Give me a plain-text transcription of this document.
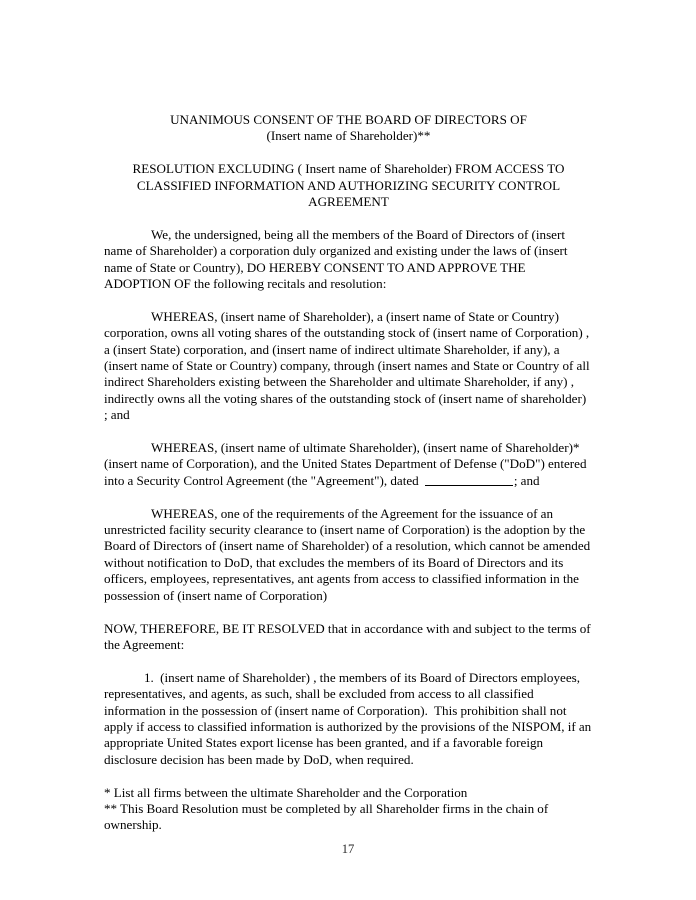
UNANIMOUS CONSENT OF THE BOARD OF DIRECTORS OF
(Insert name of Shareholder)**
RESOLUTION EXCLUDING ( Insert name of Shareholder) FROM ACCESS TO
CLASSIFIED INFORMATION AND AUTHORIZING SECURITY CONTROL
AGREEMENT
We, the undersigned, being all the members of the Board of Directors of (insert name of Shareholder) a corporation duly organized and existing under the laws of (insert name of State or Country), DO HEREBY CONSENT TO AND APPROVE THE ADOPTION OF the following recitals and resolution:
WHEREAS, (insert name of Shareholder), a (insert name of State or Country) corporation, owns all voting shares of the outstanding stock of (insert name of Corporation) , a (insert State) corporation, and (insert name of indirect ultimate Shareholder, if any), a (insert name of State or Country) company, through (insert names and State or Country of all indirect Shareholders existing between the Shareholder and ultimate Shareholder, if any) , indirectly owns all the voting shares of the outstanding stock of (insert name of shareholder) ; and
WHEREAS, (insert name of ultimate Shareholder), (insert name of Shareholder)* (insert name of Corporation), and the United States Department of Defense ("DoD") entered into a Security Control Agreement (the "Agreement"), dated	; and
WHEREAS, one of the requirements of the Agreement for the issuance of an unrestricted facility security clearance to (insert name of Corporation) is the adoption by the Board of Directors of (insert name of Shareholder) of a resolution, which cannot be amended without notification to DoD, that excludes the members of its Board of Directors and its officers, employees, representatives, ant agents from access to classified information in the possession of (insert name of Corporation)
NOW, THEREFORE, BE IT RESOLVED that in accordance with and subject to the terms of the Agreement:
1.  (insert name of Shareholder) , the members of its Board of Directors employees, representatives, and agents, as such, shall be excluded from access to all classified information in the possession of (insert name of Corporation).  This prohibition shall not apply if access to classified information is authorized by the provisions of the NISPOM, if an appropriate United States export license has been granted, and if a favorable foreign disclosure decision has been made by DoD, when required.
* List all firms between the ultimate Shareholder and the Corporation
** This Board Resolution must be completed by all Shareholder firms in the chain of ownership.
17
